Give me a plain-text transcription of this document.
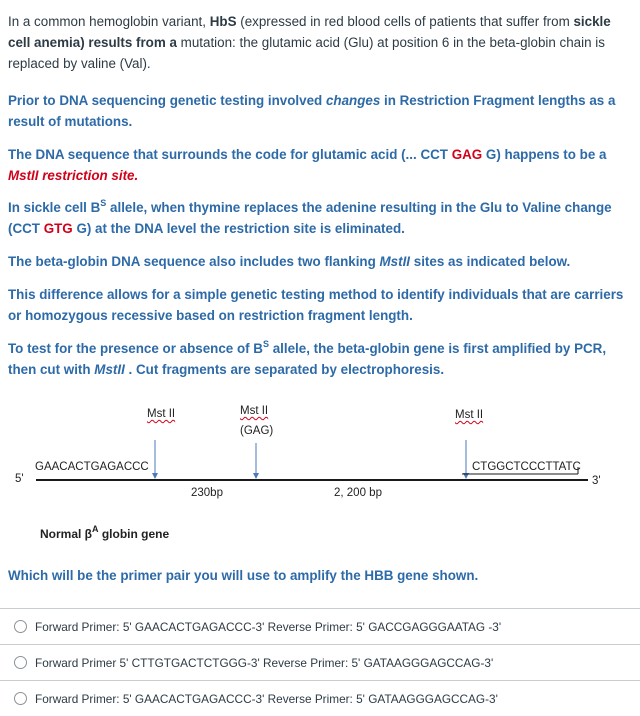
In a common hemoglobin variant, HbS (expressed in red blood cells of patients that suffer from sickle cell anemia) results from a mutation: the glutamic acid (Glu) at position 6 in the beta-globin chain is replaced by valine (Val).
Prior to DNA sequencing genetic testing involved changes in Restriction Fragment lengths as a result of mutations.
The DNA sequence that surrounds the code for glutamic acid (... CCT GAG G) happens to be a MstII restriction site.
In sickle cell $B^S$ allele, when thymine replaces the adenine resulting in the Glu to Valine change (CCT GTG G) at the DNA level the restriction site is eliminated.
The beta-globin DNA sequence also includes two flanking MstII sites as indicated below.
This difference allows for a simple genetic testing method to identify individuals that are carriers or homozygous recessive based on restriction fragment length.
To test for the presence or absence of $B^S$ allele, the beta-globin gene is first amplified by PCR, then cut with MstII . Cut fragments are separated by electrophoresis.
Mst II	Mst II
(GAG)
Mst II
GAACACTGAGACCC	CTGGCTCCCTTATC
5'	3'
230bp	2, 200 bp
Normal $\beta^A$ globin gene
Which will be the primer pair you will use to amplify the HBB gene shown.
Forward Primer: 5' GAACACTGAGACCC-3' Reverse Primer: 5' GACCGAGGGAATAG -3'
Forward Primer 5' CTTGTGACTCTGGG-3' Reverse Primer: 5' GATAAGGGAGCCAG-3'
Forward Primer: 5' GAACACTGAGACCC-3' Reverse Primer: 5' GATAAGGGAGCCAG-3'
